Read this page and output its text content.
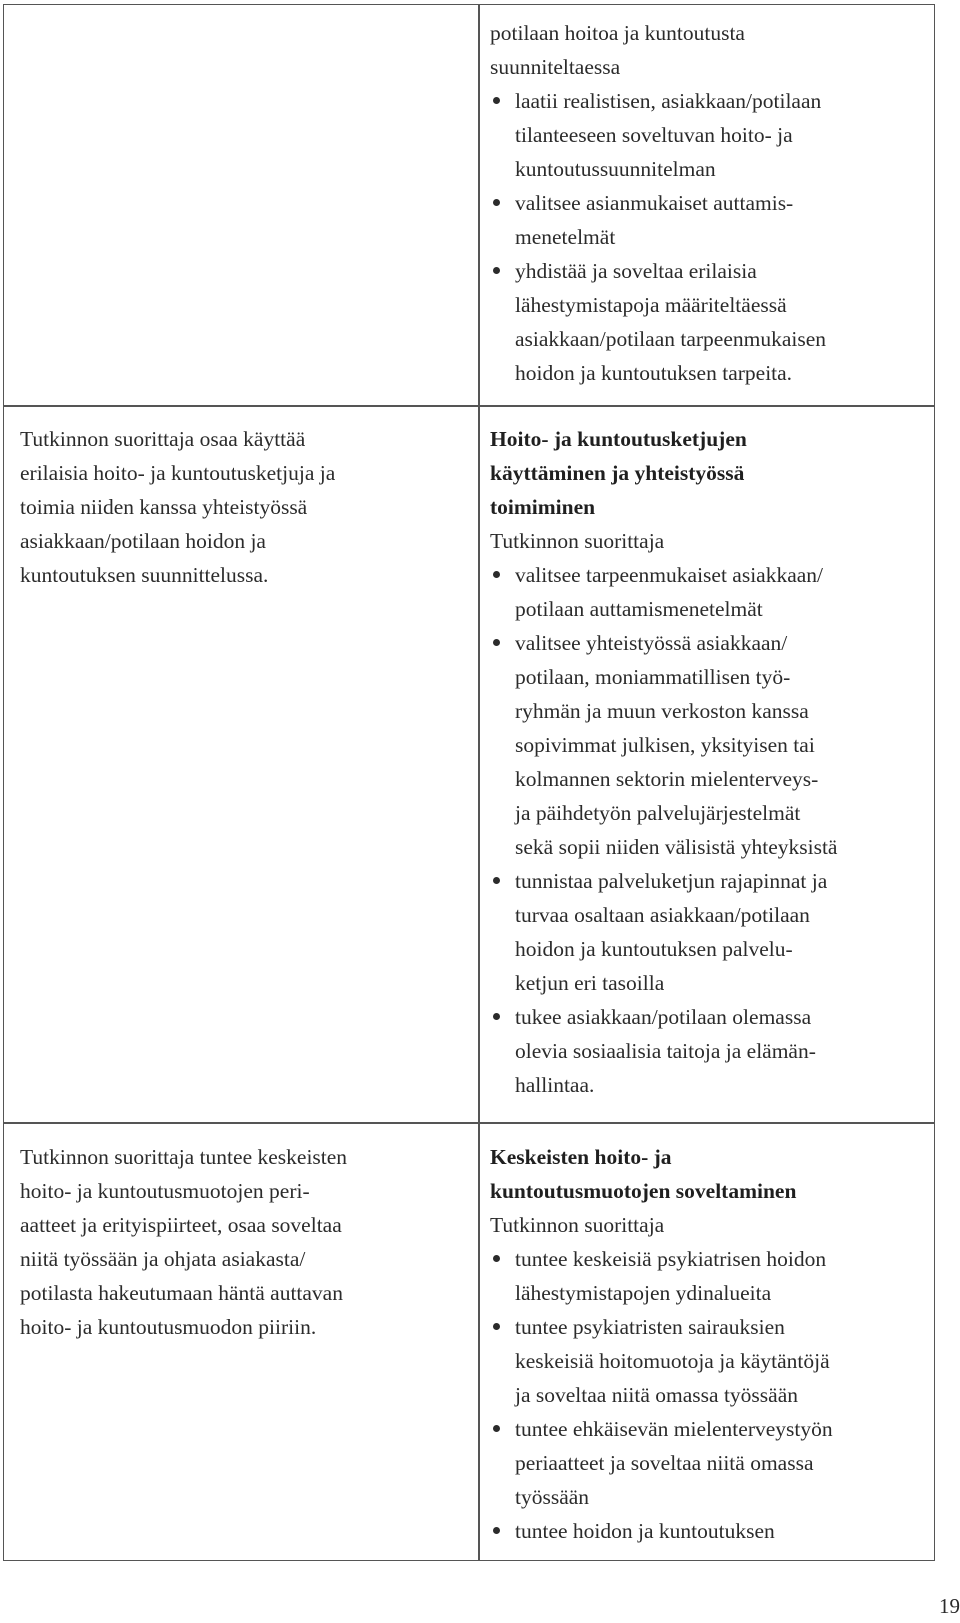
potilaan hoitoa ja kuntoutusta
suunniteltaessa
laatii realistisen, asiakkaan/potilaan
tilanteeseen soveltuvan hoito- ja
kuntoutussuunnitelman
valitsee asianmukaiset auttamis-
menetelmät
yhdistää ja soveltaa erilaisia
lähestymistapoja määriteltäessä
asiakkaan/potilaan tarpeenmukaisen
hoidon ja kuntoutuksen tarpeita.
Tutkinnon suorittaja osaa käyttää
erilaisia hoito- ja kuntoutusketjuja ja
toimia niiden kanssa yhteistyössä
asiakkaan/potilaan hoidon ja
kuntoutuksen suunnittelussa.
Hoito- ja kuntoutusketjujen
käyttäminen ja yhteistyössä
toimiminen
Tutkinnon suorittaja
valitsee tarpeenmukaiset asiakkaan/
potilaan auttamismenetelmät
valitsee yhteistyössä asiakkaan/
potilaan, moniammatillisen työ-
ryhmän ja muun verkoston kanssa
sopivimmat julkisen, yksityisen tai
kolmannen sektorin mielenterveys-
ja päihdetyön palvelujärjestelmät
sekä sopii niiden välisistä yhteyksistä
tunnistaa palveluketjun rajapinnat ja
turvaa osaltaan asiakkaan/potilaan
hoidon ja kuntoutuksen palvelu-
ketjun eri tasoilla
tukee asiakkaan/potilaan olemassa
olevia sosiaalisia taitoja ja elämän-
hallintaa.
Tutkinnon suorittaja tuntee keskeisten
hoito- ja kuntoutusmuotojen peri-
aatteet ja erityispiirteet, osaa soveltaa
niitä työssään ja ohjata asiakasta/
potilasta hakeutumaan häntä auttavan
hoito- ja kuntoutusmuodon piiriin.
Keskeisten hoito- ja
kuntoutusmuotojen soveltaminen
Tutkinnon suorittaja
tuntee keskeisiä psykiatrisen hoidon
lähestymistapojen ydinalueita
tuntee psykiatristen sairauksien
keskeisiä hoitomuotoja ja käytäntöjä
ja soveltaa niitä omassa työssään
tuntee ehkäisevän mielenterveystyön
periaatteet ja soveltaa niitä omassa
työssään
tuntee hoidon ja kuntoutuksen
19
